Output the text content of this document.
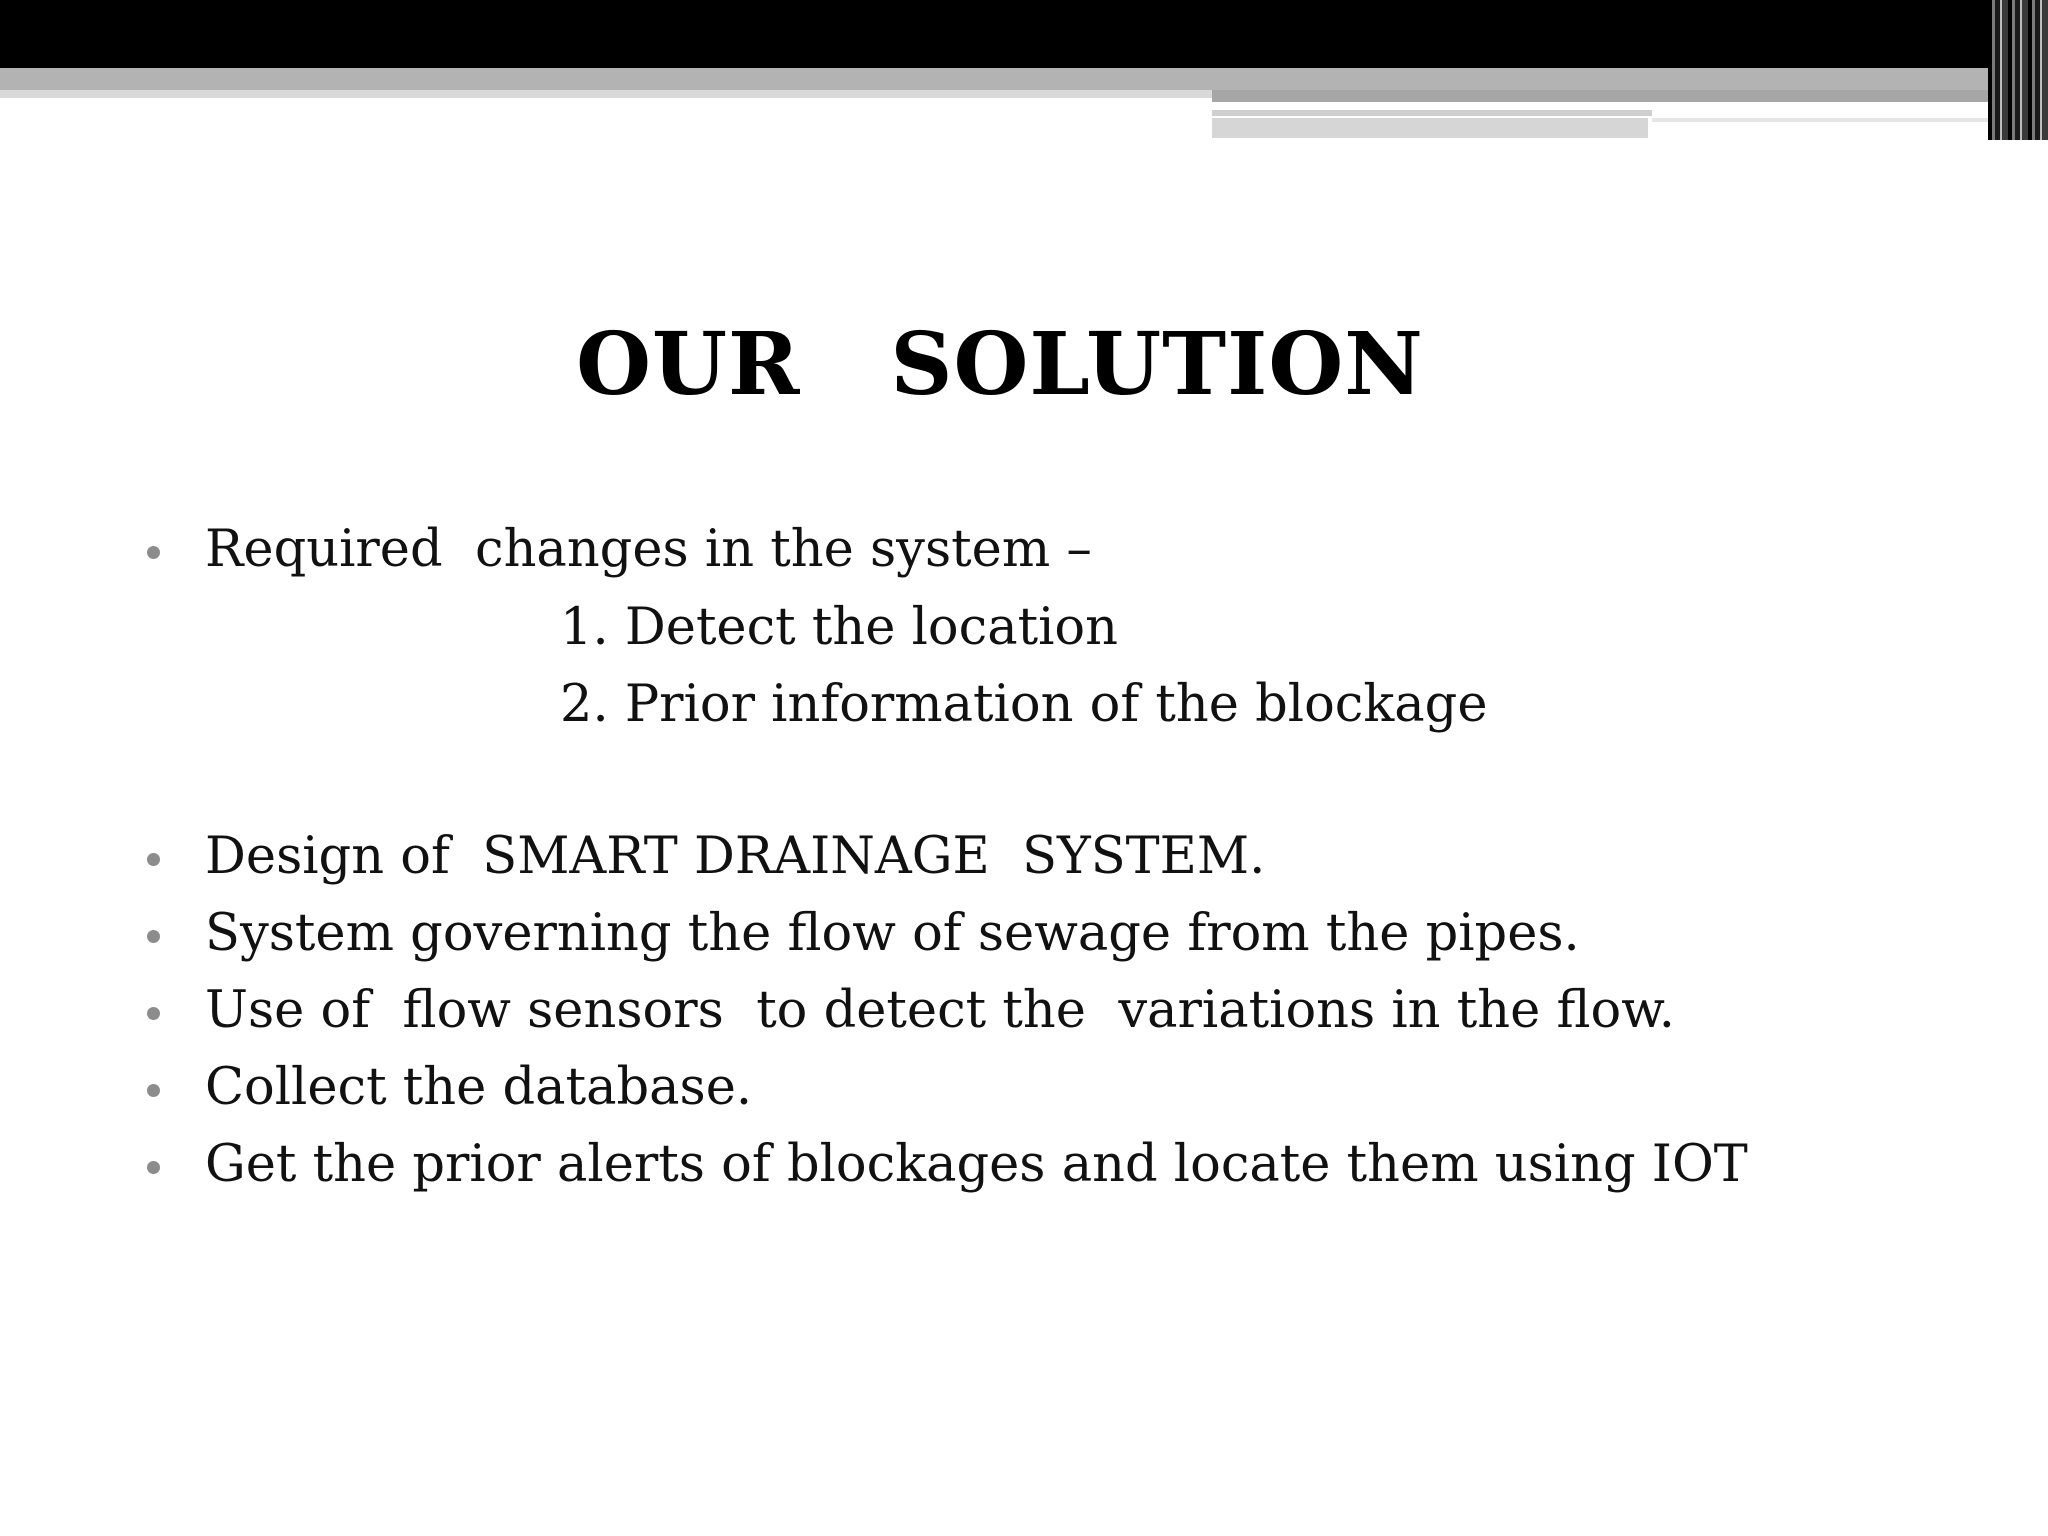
OUR  SOLUTION
Required  changes in the system –
1. Detect the location
2. Prior information of the blockage
Design of  SMART DRAINAGE  SYSTEM.
System governing the flow of sewage from the pipes.
Use of  flow sensors  to detect the  variations in the flow.
Collect the database.
Get the prior alerts of blockages and locate them using IOT
